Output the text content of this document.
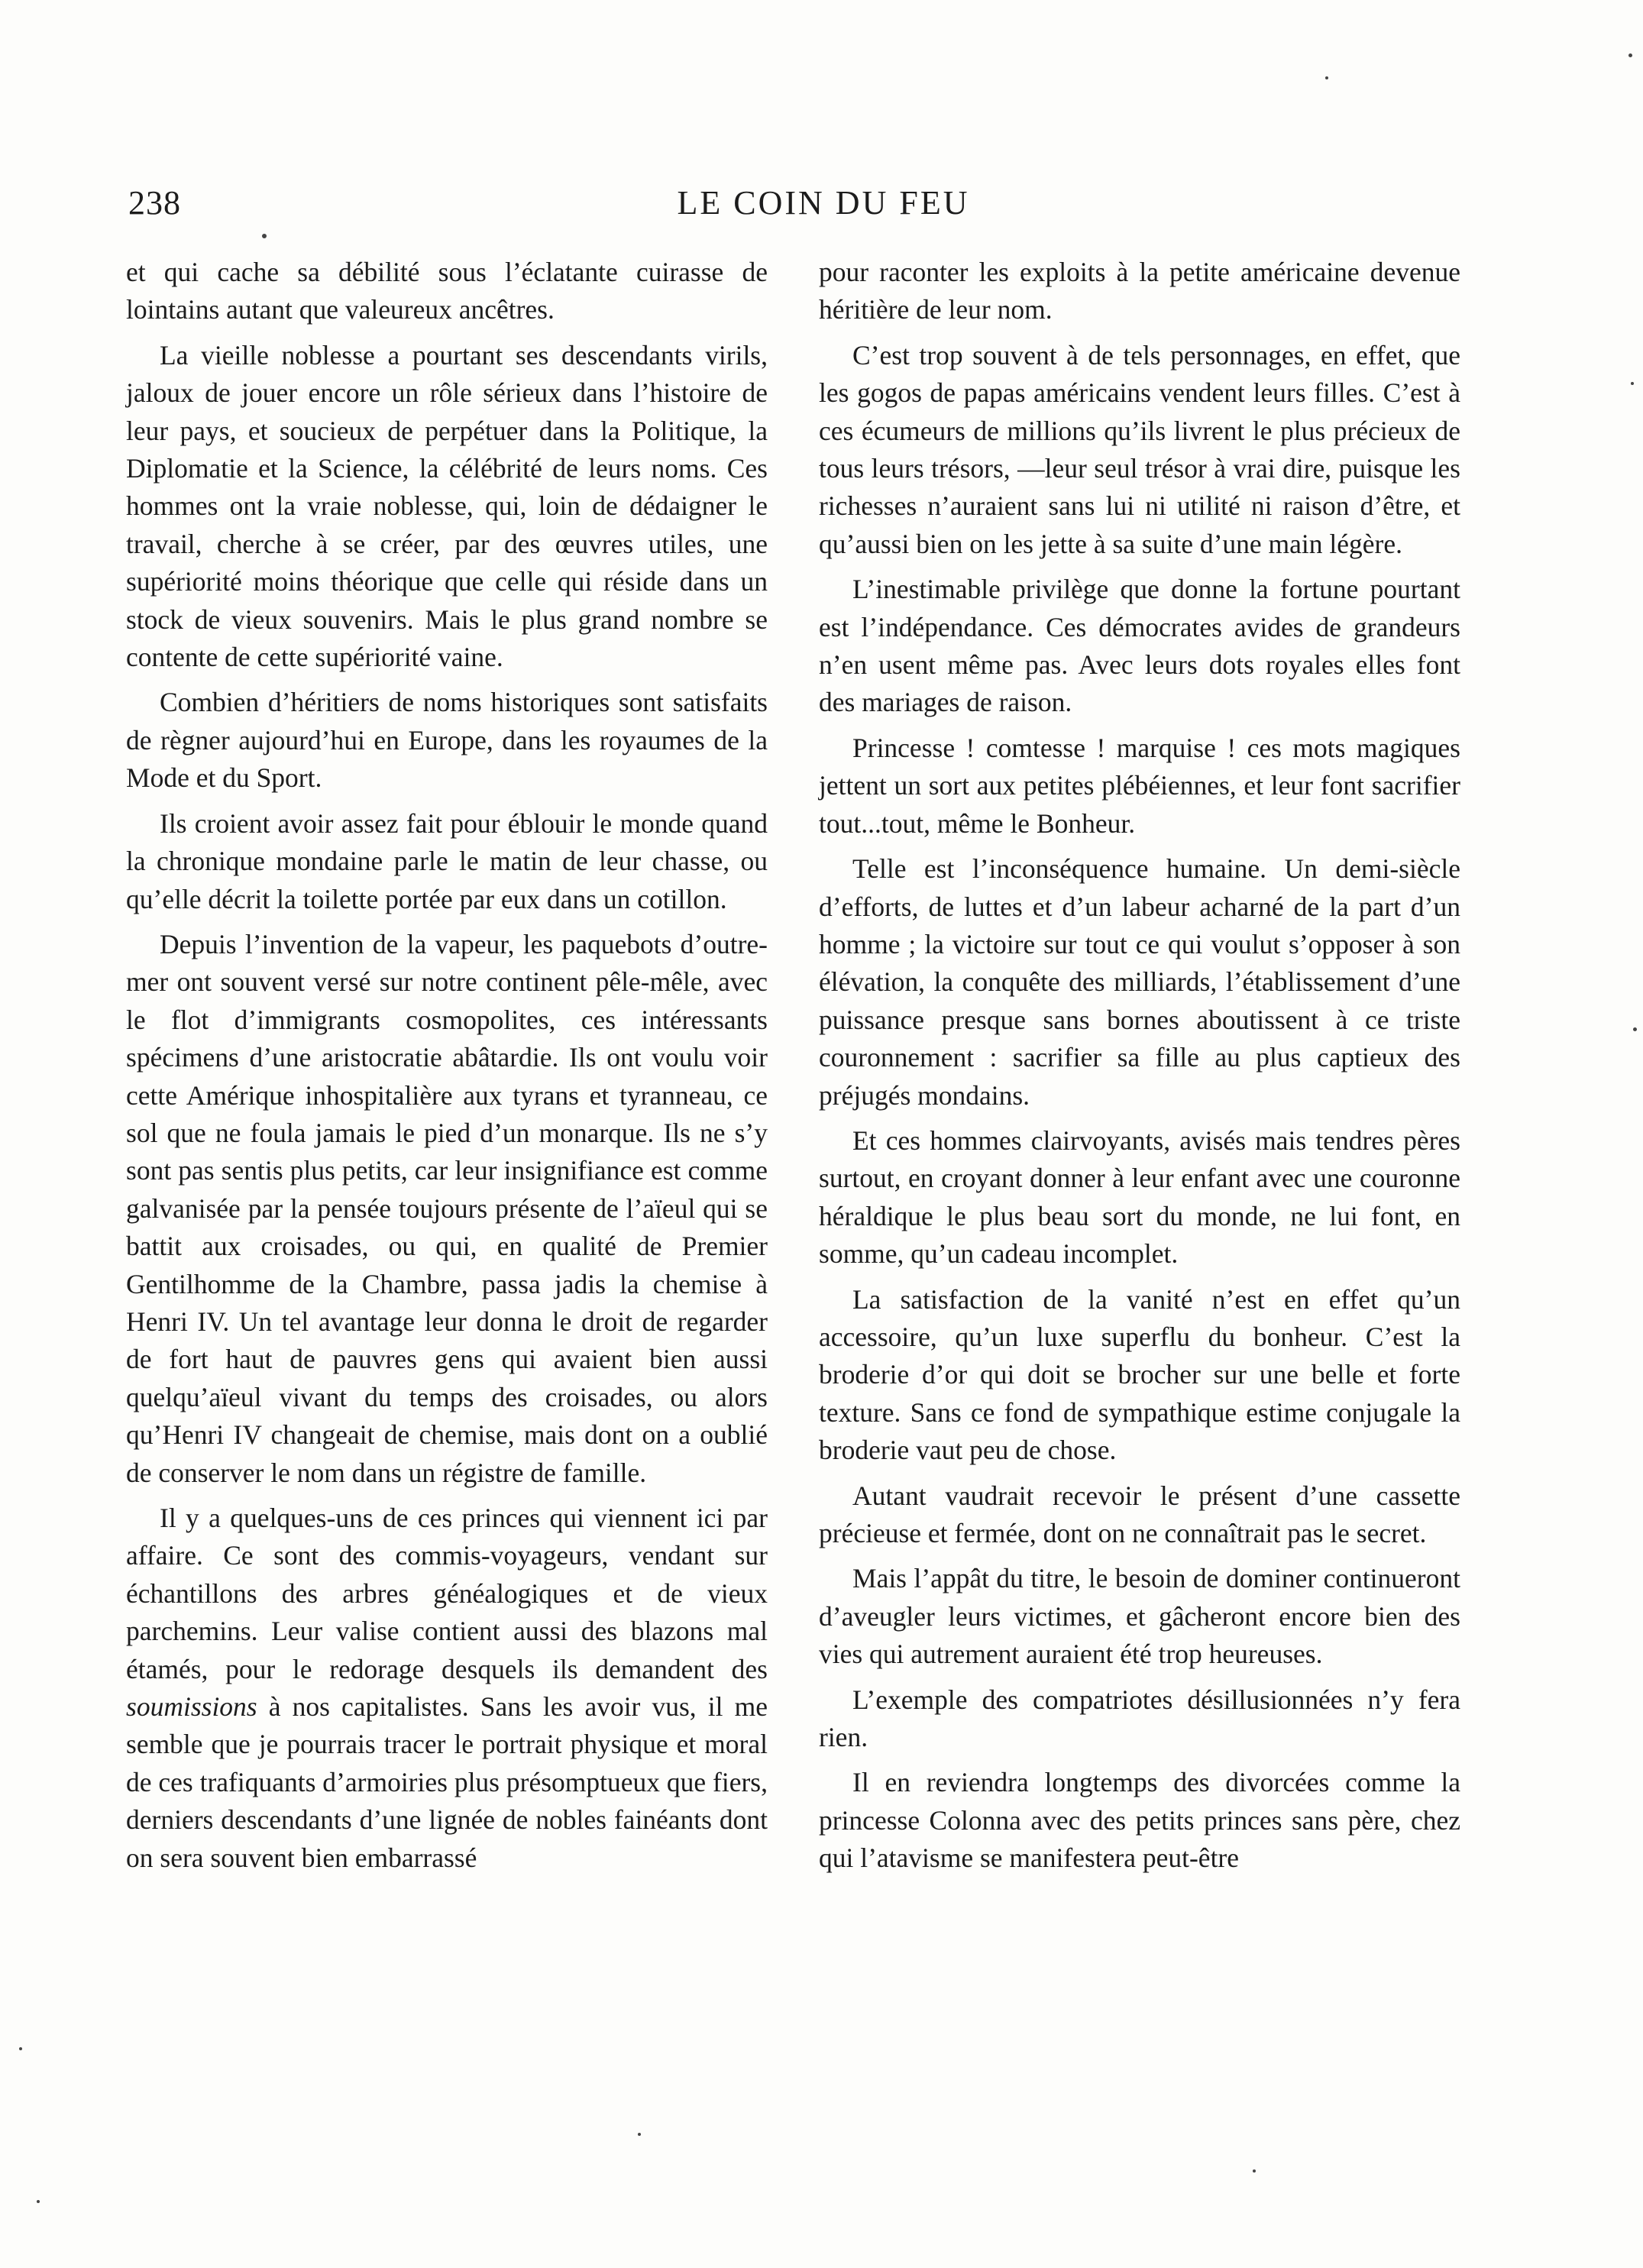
238	LE COIN DU FEU

et qui cache sa débilité sous l’éclatante cuirasse de lointains autant que valeureux ancêtres.

La vieille noblesse a pourtant ses descendants virils, jaloux de jouer encore un rôle sérieux dans l’histoire de leur pays, et soucieux de perpétuer dans la Politique, la Diplomatie et la Science, la célébrité de leurs noms. Ces hommes ont la vraie noblesse, qui, loin de dédaigner le travail, cherche à se créer, par des œuvres utiles, une supériorité moins théorique que celle qui réside dans un stock de vieux souvenirs. Mais le plus grand nombre se contente de cette supériorité vaine.

Combien d’héritiers de noms historiques sont satisfaits de règner aujourd’hui en Europe, dans les royaumes de la Mode et du Sport.

Ils croient avoir assez fait pour éblouir le monde quand la chronique mondaine parle le matin de leur chasse, ou qu’elle décrit la toilette portée par eux dans un cotillon.

Depuis l’invention de la vapeur, les paquebots d’outre-mer ont souvent versé sur notre continent pêle-mêle, avec le flot d’immigrants cosmopolites, ces intéressants spécimens d’une aristocratie abâtardie. Ils ont voulu voir cette Amérique inhospitalière aux tyrans et tyranneau, ce sol que ne foula jamais le pied d’un monarque. Ils ne s’y sont pas sentis plus petits, car leur insignifiance est comme galvanisée par la pensée toujours présente de l’aïeul qui se battit aux croisades, ou qui, en qualité de Premier Gentilhomme de la Chambre, passa jadis la chemise à Henri IV. Un tel avantage leur donna le droit de regarder de fort haut de pauvres gens qui avaient bien aussi quelqu’aïeul vivant du temps des croisades, ou alors qu’Henri IV changeait de chemise, mais dont on a oublié de conserver le nom dans un régistre de famille.

Il y a quelques-uns de ces princes qui viennent ici par affaire. Ce sont des commis-voyageurs, vendant sur échantillons des arbres généalogiques et de vieux parchemins. Leur valise contient aussi des blazons mal étamés, pour le redorage desquels ils demandent des soumissions à nos capitalistes. Sans les avoir vus, il me semble que je pourrais tracer le portrait physique et moral de ces trafiquants d’armoiries plus présomptueux que fiers, derniers descendants d’une lignée de nobles fainéants dont on sera souvent bien embarrassé

pour raconter les exploits à la petite américaine devenue héritière de leur nom.

C’est trop souvent à de tels personnages, en effet, que les gogos de papas américains vendent leurs filles. C’est à ces écumeurs de millions qu’ils livrent le plus précieux de tous leurs trésors, —leur seul trésor à vrai dire, puisque les richesses n’auraient sans lui ni utilité ni raison d’être, et qu’aussi bien on les jette à sa suite d’une main légère.

L’inestimable privilège que donne la fortune pourtant est l’indépendance. Ces démocrates avides de grandeurs n’en usent même pas. Avec leurs dots royales elles font des mariages de raison.

Princesse ! comtesse ! marquise ! ces mots magiques jettent un sort aux petites plébéiennes, et leur font sacrifier tout...tout, même le Bonheur.

Telle est l’inconséquence humaine. Un demi-siècle d’efforts, de luttes et d’un labeur acharné de la part d’un homme ; la victoire sur tout ce qui voulut s’opposer à son élévation, la conquête des milliards, l’établissement d’une puissance presque sans bornes aboutissent à ce triste couronnement : sacrifier sa fille au plus captieux des préjugés mondains.

Et ces hommes clairvoyants, avisés mais tendres pères surtout, en croyant donner à leur enfant avec une couronne héraldique le plus beau sort du monde, ne lui font, en somme, qu’un cadeau incomplet.

La satisfaction de la vanité n’est en effet qu’un accessoire, qu’un luxe superflu du bonheur. C’est la broderie d’or qui doit se brocher sur une belle et forte texture. Sans ce fond de sympathique estime conjugale la broderie vaut peu de chose.

Autant vaudrait recevoir le présent d’une cassette précieuse et fermée, dont on ne connaîtrait pas le secret.

Mais l’appât du titre, le besoin de dominer continueront d’aveugler leurs victimes, et gâcheront encore bien des vies qui autrement auraient été trop heureuses.

L’exemple des compatriotes désillusionnées n’y fera rien.

Il en reviendra longtemps des divorcées comme la princesse Colonna avec des petits princes sans père, chez qui l’atavisme se manifestera peut-être
